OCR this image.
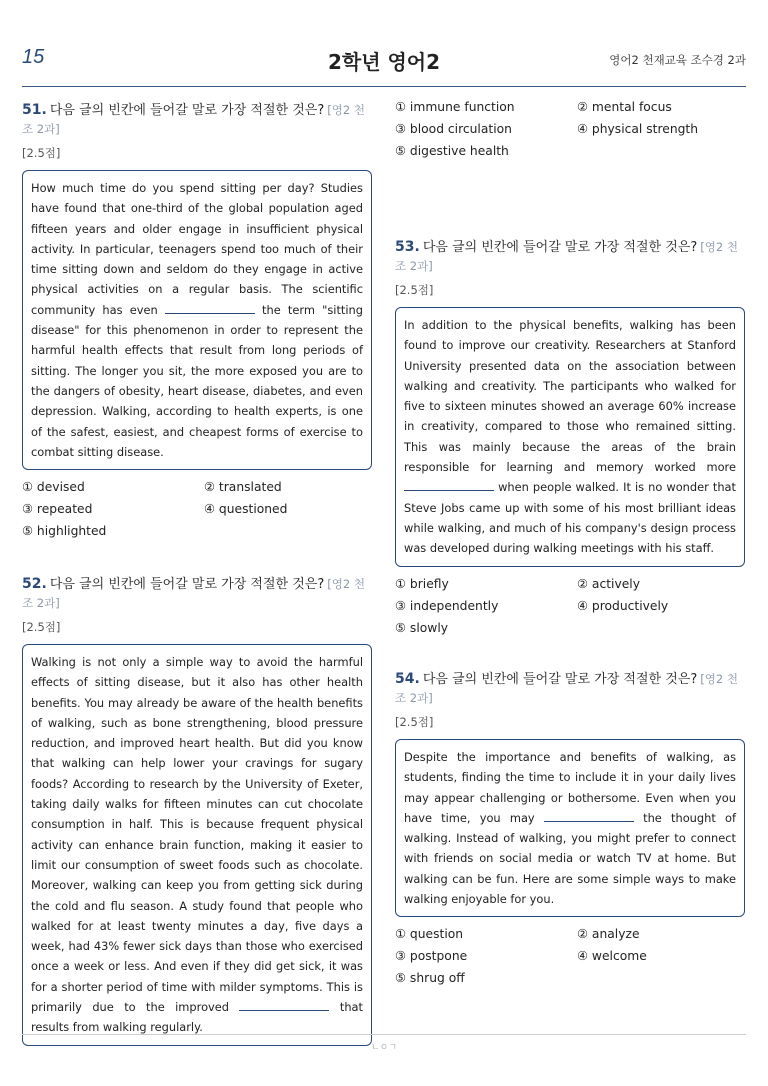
15	2학년 영어2	영어2 천재교육 조수경 2과
51. 다음 글의 빈칸에 들어갈 말로 가장 적절한 것은? [영2 천조 2과]
[2.5점]
How much time do you spend sitting per day? Studies have found that one-third of the global population aged fifteen years and older engage in insufficient physical activity. In particular, teenagers spend too much of their time sitting down and seldom do they engage in active physical activities on a regular basis. The scientific community has even	the term "sitting disease" for this phenomenon in order to represent the harmful health effects that result from long periods of sitting. The longer you sit, the more exposed you are to the dangers of obesity, heart disease, diabetes, and even depression. Walking, according to health experts, is one of the safest, easiest, and cheapest forms of exercise to combat sitting disease.
① devised	② translated
③ repeated	④ questioned
⑤ highlighted
52. 다음 글의 빈칸에 들어갈 말로 가장 적절한 것은? [영2 천조 2과]
[2.5점]
Walking is not only a simple way to avoid the harmful effects of sitting disease, but it also has other health benefits. You may already be aware of the health benefits of walking, such as bone strengthening, blood pressure reduction, and improved heart health. But did you know that walking can help lower your cravings for sugary foods? According to research by the University of Exeter, taking daily walks for fifteen minutes can cut chocolate consumption in half. This is because frequent physical activity can enhance brain function, making it easier to limit our consumption of sweet foods such as chocolate. Moreover, walking can keep you from getting sick during the cold and flu season. A study found that people who walked for at least twenty minutes a day, five days a week, had 43% fewer sick days than those who exercised once a week or less. And even if they did get sick, it was for a shorter period of time with milder symptoms. This is primarily due to the improved	that results from walking regularly.
① immune function	② mental focus
③ blood circulation	④ physical strength
⑤ digestive health
53. 다음 글의 빈칸에 들어갈 말로 가장 적절한 것은? [영2 천조 2과]
[2.5점]
In addition to the physical benefits, walking has been found to improve our creativity. Researchers at Stanford University presented data on the association between walking and creativity. The participants who walked for five to sixteen minutes showed an average 60% increase in creativity, compared to those who remained sitting. This was mainly because the areas of the brain responsible for learning and memory worked more  when people walked. It is no wonder that Steve Jobs came up with some of his most brilliant ideas while walking, and much of his company's design process was developed during walking meetings with his staff.
① briefly	② actively
③ independently	④ productively
⑤ slowly
54. 다음 글의 빈칸에 들어갈 말로 가장 적절한 것은? [영2 천조 2과]
[2.5점]
Despite the importance and benefits of walking, as students, finding the time to include it in your daily lives may appear challenging or bothersome. Even when you have time, you may	the thought of walking. Instead of walking, you might prefer to connect with friends on social media or watch TV at home. But walking can be fun. Here are some simple ways to make walking enjoyable for you.
① question	② analyze
③ postpone	④ welcome
⑤ shrug off
ㄴㅇㄱ
